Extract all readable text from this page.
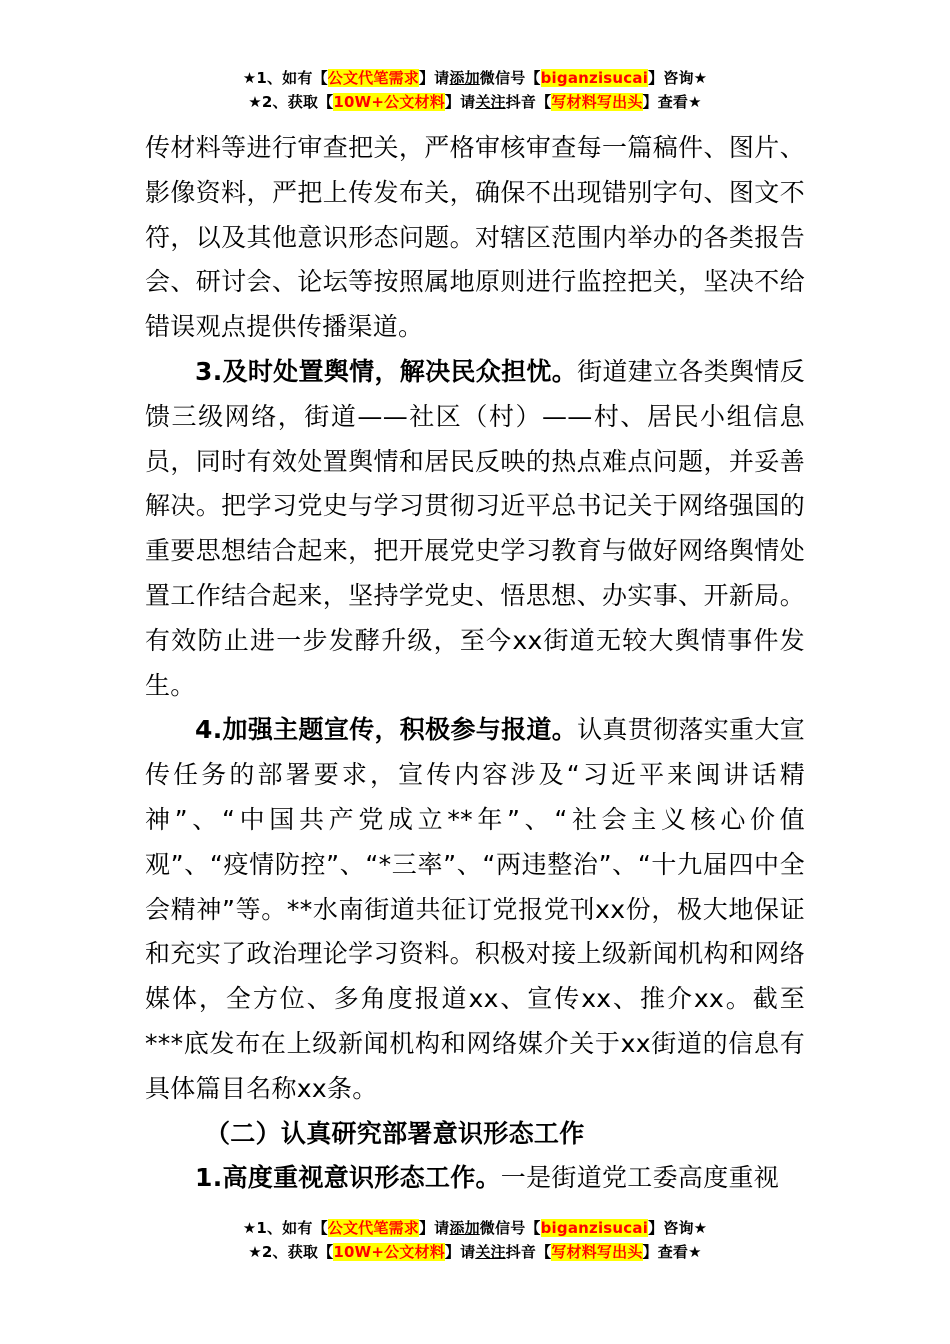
★1、如有【公文代笔需求】请添加微信号【biganzisucai】咨询★
★2、获取【10W+公文材料】请关注抖音【写材料写出头】查看★

传材料等进行审查把关，严格审核审查每一篇稿件、图片、影像资料，严把上传发布关，确保不出现错别字句、图文不符，以及其他意识形态问题。对辖区范围内举办的各类报告会、研讨会、论坛等按照属地原则进行监控把关，坚决不给错误观点提供传播渠道。

3.及时处置舆情，解决民众担忧。街道建立各类舆情反馈三级网络，街道——社区（村）——村、居民小组信息员，同时有效处置舆情和居民反映的热点难点问题，并妥善解决。把学习党史与学习贯彻习近平总书记关于网络强国的重要思想结合起来，把开展党史学习教育与做好网络舆情处置工作结合起来，坚持学党史、悟思想、办实事、开新局。有效防止进一步发酵升级，至今xx街道无较大舆情事件发生。

4.加强主题宣传，积极参与报道。认真贯彻落实重大宣传任务的部署要求，宣传内容涉及“习近平来闽讲话精神”、“中国共产党成立**年”、“社会主义核心价值观”、“疫情防控”、“*三率”、“两违整治”、“十九届四中全会精神”等。**水南街道共征订党报党刊xx份，极大地保证和充实了政治理论学习资料。积极对接上级新闻机构和网络媒体，全方位、多角度报道xx、宣传xx、推介xx。截至***底发布在上级新闻机构和网络媒介关于xx街道的信息有具体篇目名称xx条。

（二）认真研究部署意识形态工作

1.高度重视意识形态工作。一是街道党工委高度重视

★1、如有【公文代笔需求】请添加微信号【biganzisucai】咨询★
★2、获取【10W+公文材料】请关注抖音【写材料写出头】查看★
